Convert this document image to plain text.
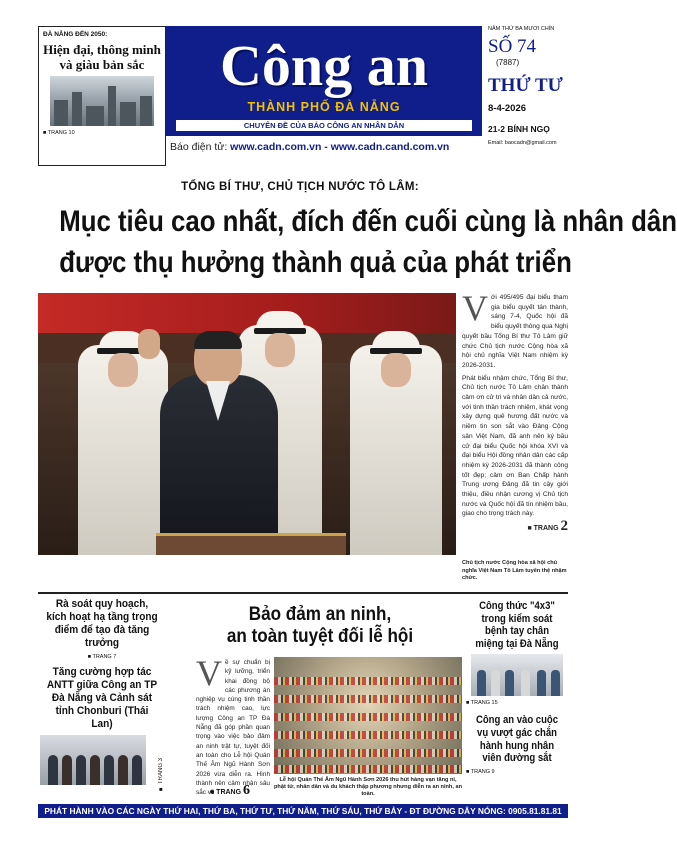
ĐÀ NẴNG ĐẾN 2050:
Hiện đại, thông minh và giàu bản sắc
■ TRANG 10
Công an
THÀNH PHỐ ĐÀ NẴNG
CHUYÊN ĐỀ CỦA BÁO CÔNG AN NHÂN DÂN
Báo điện tử: www.cadn.com.vn - www.cadn.cand.com.vn
NĂM THỨ BA MƯƠI CHÍN
SỐ 74
(7887)
THỨ TƯ
8-4-2026
21-2 BÍNH NGỌ
Email: baocadn@gmail.com
TỔNG BÍ THƯ, CHỦ TỊCH NƯỚC TÔ LÂM:
Mục tiêu cao nhất, đích đến cuối cùng là nhân dân
được thụ hưởng thành quả của phát triển
V ới 495/495 đại biểu tham gia biểu quyết tán thành, sáng 7-4, Quốc hội đã biểu quyết thông qua Nghị quyết bầu Tổng Bí thư Tô Lâm giữ chức Chủ tịch nước Cộng hòa xã hội chủ nghĩa Việt Nam nhiệm kỳ 2026-2031.

Phát biểu nhậm chức, Tổng Bí thư, Chủ tịch nước Tô Lâm chân thành cảm ơn cử tri và nhân dân cả nước, với tinh thần trách nhiệm, khát vọng xây dựng quê hương đất nước và niềm tin son sắt vào Đảng Cộng sản Việt Nam, đã anh nên ký bầu cử đại biểu Quốc hội khóa XVI và đại biểu Hội đồng nhân dân các cấp nhiệm kỳ 2026-2031 đã thành công tốt đẹp; cảm ơn Ban Chấp hành Trung ương Đảng đã tin cậy giới thiệu, điều nhận cương vị Chủ tịch nước và Quốc hội đã tín nhiệm bầu, giao cho trọng trách này.

■ TRANG 2
Chủ tịch nước Cộng hòa xã hội chủ nghĩa Việt Nam Tô Lâm tuyên thệ nhậm chức.
Rà soát quy hoạch, kích hoạt hạ tầng trọng điểm để tạo đà tăng trưởng
■ TRANG 7
Tăng cường hợp tác ANTT giữa Công an TP Đà Nẵng và Cảnh sát tỉnh Chonburi (Thái Lan)
■ TRANG 3
Bảo đảm an ninh,
an toàn tuyệt đối lễ hội
V ề sự chuẩn bị kỹ lưỡng, triển khai đồng bộ các phương án nghiệp vụ cùng tinh thần trách nhiệm cao, lực lượng Công an TP Đà Nẵng đã góp phần quan trọng vào việc bảo đảm an ninh trật tự, tuyệt đối an toàn cho Lễ hội Quán Thế Âm Ngũ Hành Sơn 2026 vừa diễn ra. Hình thành nên cảm nhận sâu sắc về
■ TRANG 6
Lễ hội Quán Thế Âm Ngũ Hành Sơn 2026 thu hút hàng vạn tăng ni, phật tử, nhân dân và du khách thập phương nhưng diễn ra an ninh, an toàn.
Công thức "4x3" trong kiểm soát bệnh tay chân miệng tại Đà Nẵng
■ TRANG 15
Công an vào cuộc vụ vượt gác chắn hành hung nhân viên đường sắt
■ TRANG 9
PHÁT HÀNH VÀO CÁC NGÀY THỨ HAI, THỨ BA, THỨ TƯ, THỨ NĂM, THỨ SÁU, THỨ BẢY - ĐT ĐƯỜNG DÂY NÓNG: 0905.81.81.81
